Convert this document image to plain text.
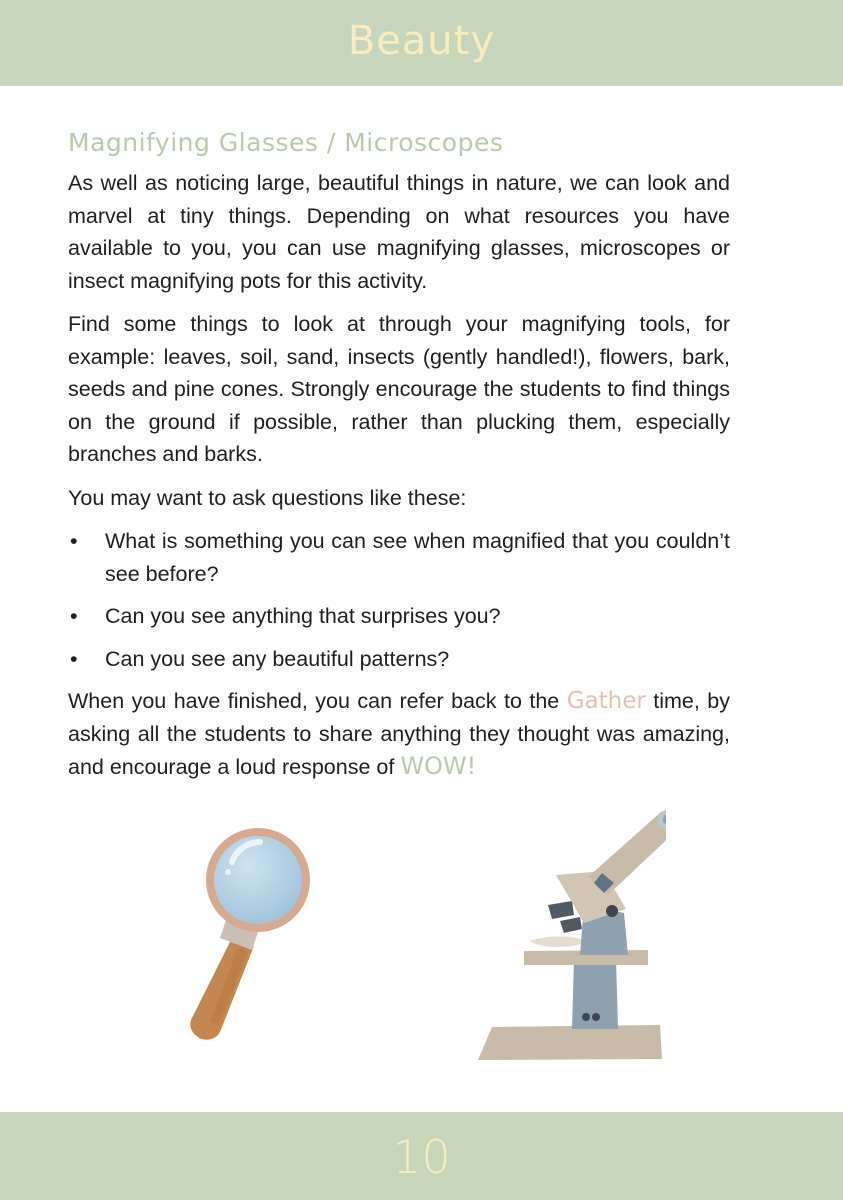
Beauty
Magnifying Glasses / Microscopes

As well as noticing large, beautiful things in nature, we can look and marvel at tiny things. Depending on what resources you have available to you, you can use magnifying glasses, microscopes or insect magnifying pots for this activity.

Find some things to look at through your magnifying tools, for example: leaves, soil, sand, insects (gently handled!), flowers, bark, seeds and pine cones. Strongly encourage the students to find things on the ground if possible, rather than plucking them, especially branches and barks.

You may want to ask questions like these:

• What is something you can see when magnified that you couldn’t see before?
• Can you see anything that surprises you?
• Can you see any beautiful patterns?

When you have finished, you can refer back to the Gather time, by asking all the students to share anything they thought was amazing, and encourage a loud response of WOW!

10
